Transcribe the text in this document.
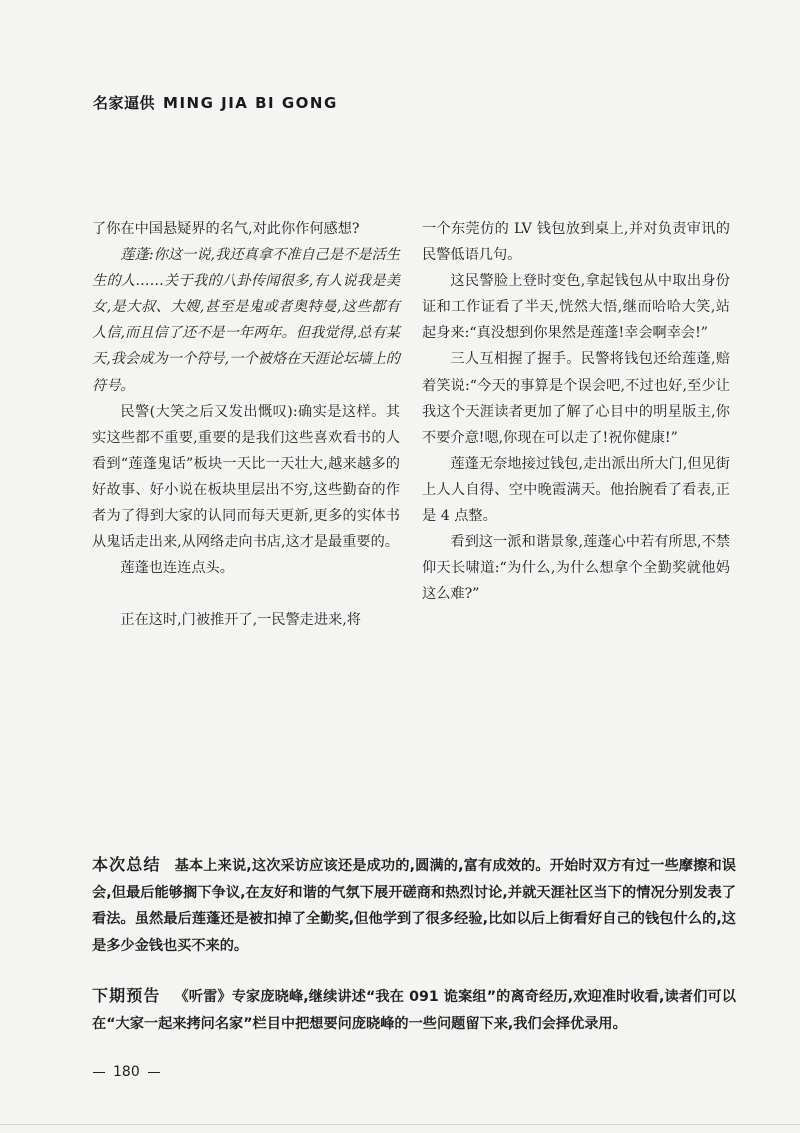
名家逼供 MING JIA BI GONG

了你在中国悬疑界的名气,对此你作何感想?

莲蓬:你这一说,我还真拿不准自己是不是活生生的人……关于我的八卦传闻很多,有人说我是美女,是大叔、大嫂,甚至是鬼或者奥特曼,这些都有人信,而且信了还不是一年两年。但我觉得,总有某天,我会成为一个符号,一个被烙在天涯论坛墙上的符号。

民警(大笑之后又发出慨叹):确实是这样。其实这些都不重要,重要的是我们这些喜欢看书的人看到“莲蓬鬼话”板块一天比一天壮大,越来越多的好故事、好小说在板块里层出不穷,这些勤奋的作者为了得到大家的认同而每天更新,更多的实体书从鬼话走出来,从网络走向书店,这才是最重要的。

莲蓬也连连点头。

正在这时,门被推开了,一民警走进来,将

一个东莞仿的 LV 钱包放到桌上,并对负责审讯的民警低语几句。

这民警脸上登时变色,拿起钱包从中取出身份证和工作证看了半天,恍然大悟,继而哈哈大笑,站起身来:“真没想到你果然是莲蓬!幸会啊幸会!”

三人互相握了握手。民警将钱包还给莲蓬,赔着笑说:“今天的事算是个误会吧,不过也好,至少让我这个天涯读者更加了解了心目中的明星版主,你不要介意!嗯,你现在可以走了!祝你健康!”

莲蓬无奈地接过钱包,走出派出所大门,但见街上人人自得、空中晚霞满天。他抬腕看了看表,正是 4 点整。

看到这一派和谐景象,莲蓬心中若有所思,不禁仰天长啸道:“为什么,为什么想拿个全勤奖就他妈这么难?”

本次总结 基本上来说,这次采访应该还是成功的,圆满的,富有成效的。开始时双方有过一些摩擦和误会,但最后能够搁下争议,在友好和谐的气氛下展开磋商和热烈讨论,并就天涯社区当下的情况分别发表了看法。虽然最后莲蓬还是被扣掉了全勤奖,但他学到了很多经验,比如以后上街看好自己的钱包什么的,这是多少金钱也买不来的。
下期预告 《听雷》专家庞晓峰,继续讲述“我在 091 诡案组”的离奇经历,欢迎准时收看,读者们可以在“大家一起来拷问名家”栏目中把想要问庞晓峰的一些问题留下来,我们会择优录用。
180
